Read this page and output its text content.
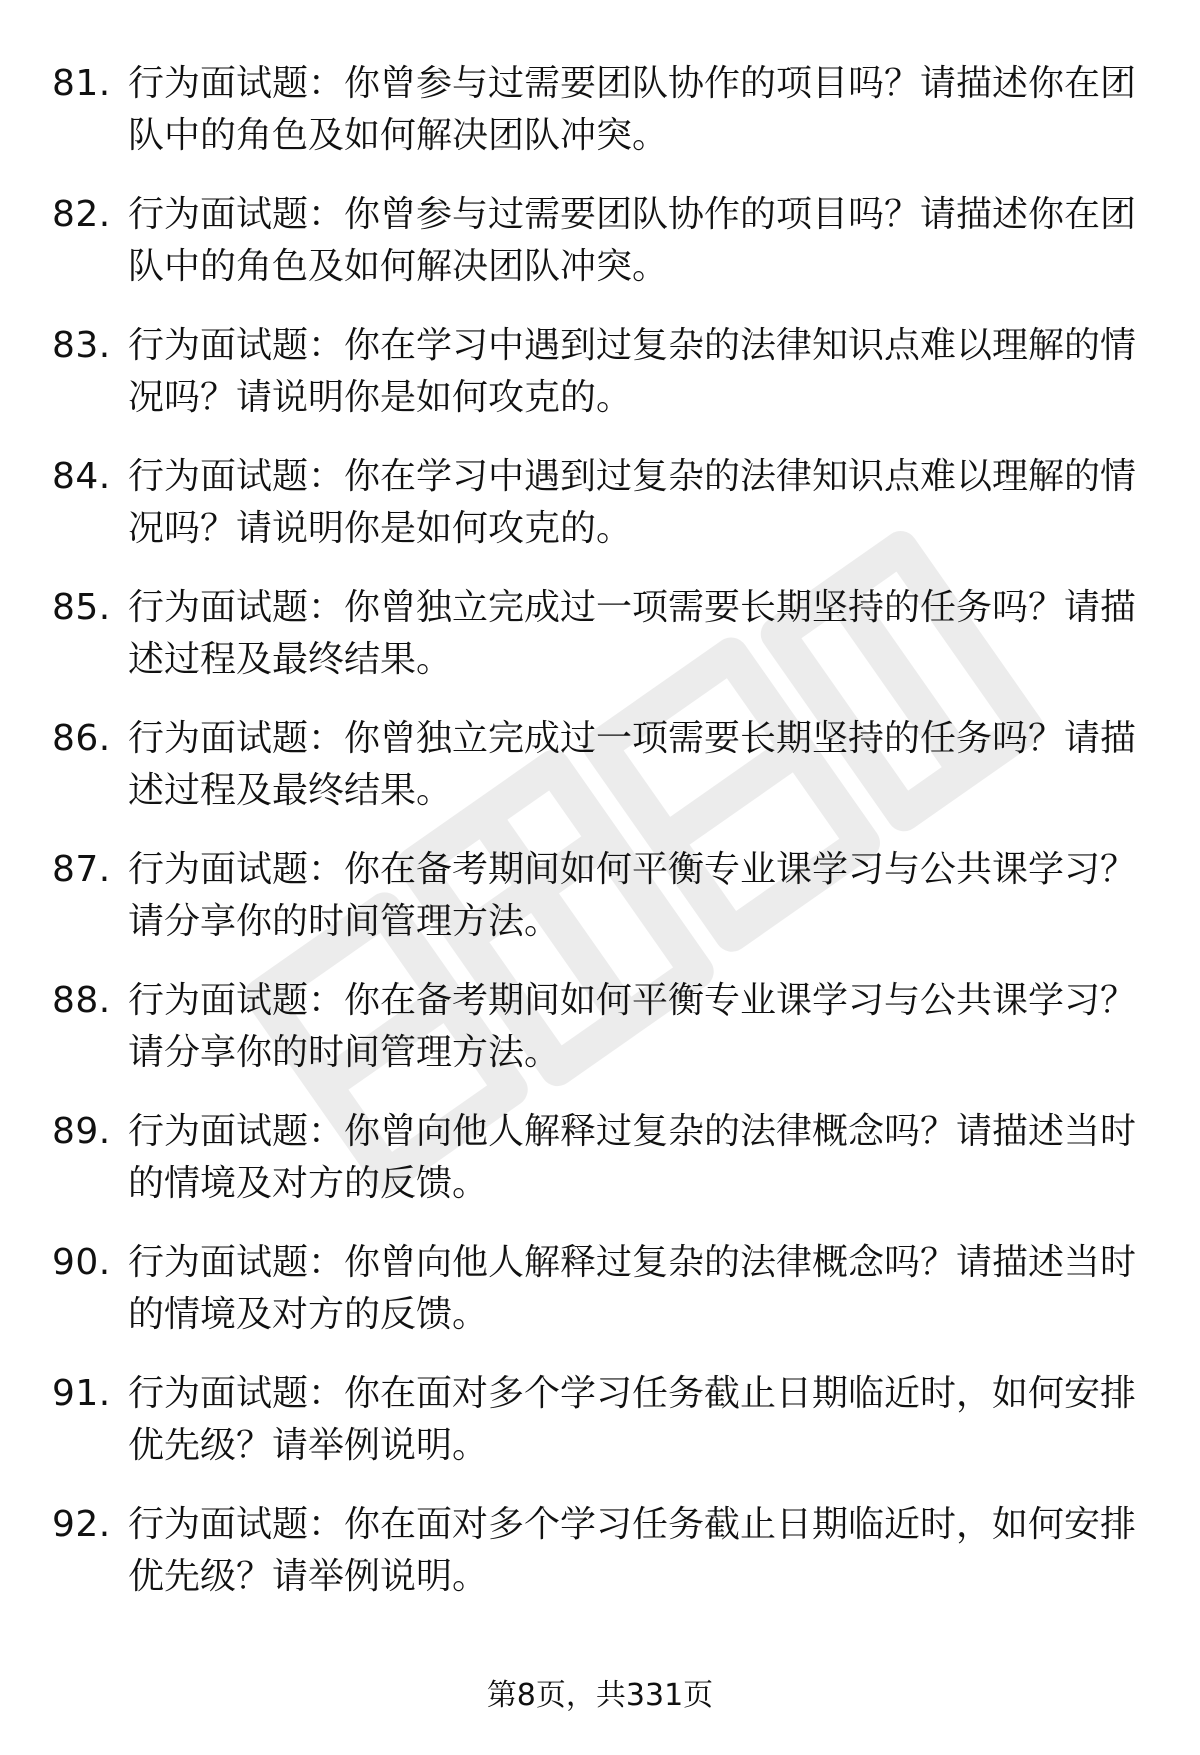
81. 行为面试题：你曾参与过需要团队协作的项目吗？请描述你在团队中的角色及如何解决团队冲突。
82. 行为面试题：你曾参与过需要团队协作的项目吗？请描述你在团队中的角色及如何解决团队冲突。
83. 行为面试题：你在学习中遇到过复杂的法律知识点难以理解的情况吗？请说明你是如何攻克的。
84. 行为面试题：你在学习中遇到过复杂的法律知识点难以理解的情况吗？请说明你是如何攻克的。
85. 行为面试题：你曾独立完成过一项需要长期坚持的任务吗？请描述过程及最终结果。
86. 行为面试题：你曾独立完成过一项需要长期坚持的任务吗？请描述过程及最终结果。
87. 行为面试题：你在备考期间如何平衡专业课学习与公共课学习？请分享你的时间管理方法。
88. 行为面试题：你在备考期间如何平衡专业课学习与公共课学习？请分享你的时间管理方法。
89. 行为面试题：你曾向他人解释过复杂的法律概念吗？请描述当时的情境及对方的反馈。
90. 行为面试题：你曾向他人解释过复杂的法律概念吗？请描述当时的情境及对方的反馈。
91. 行为面试题：你在面对多个学习任务截止日期临近时，如何安排优先级？请举例说明。
92. 行为面试题：你在面对多个学习任务截止日期临近时，如何安排优先级？请举例说明。
第8页，共331页
